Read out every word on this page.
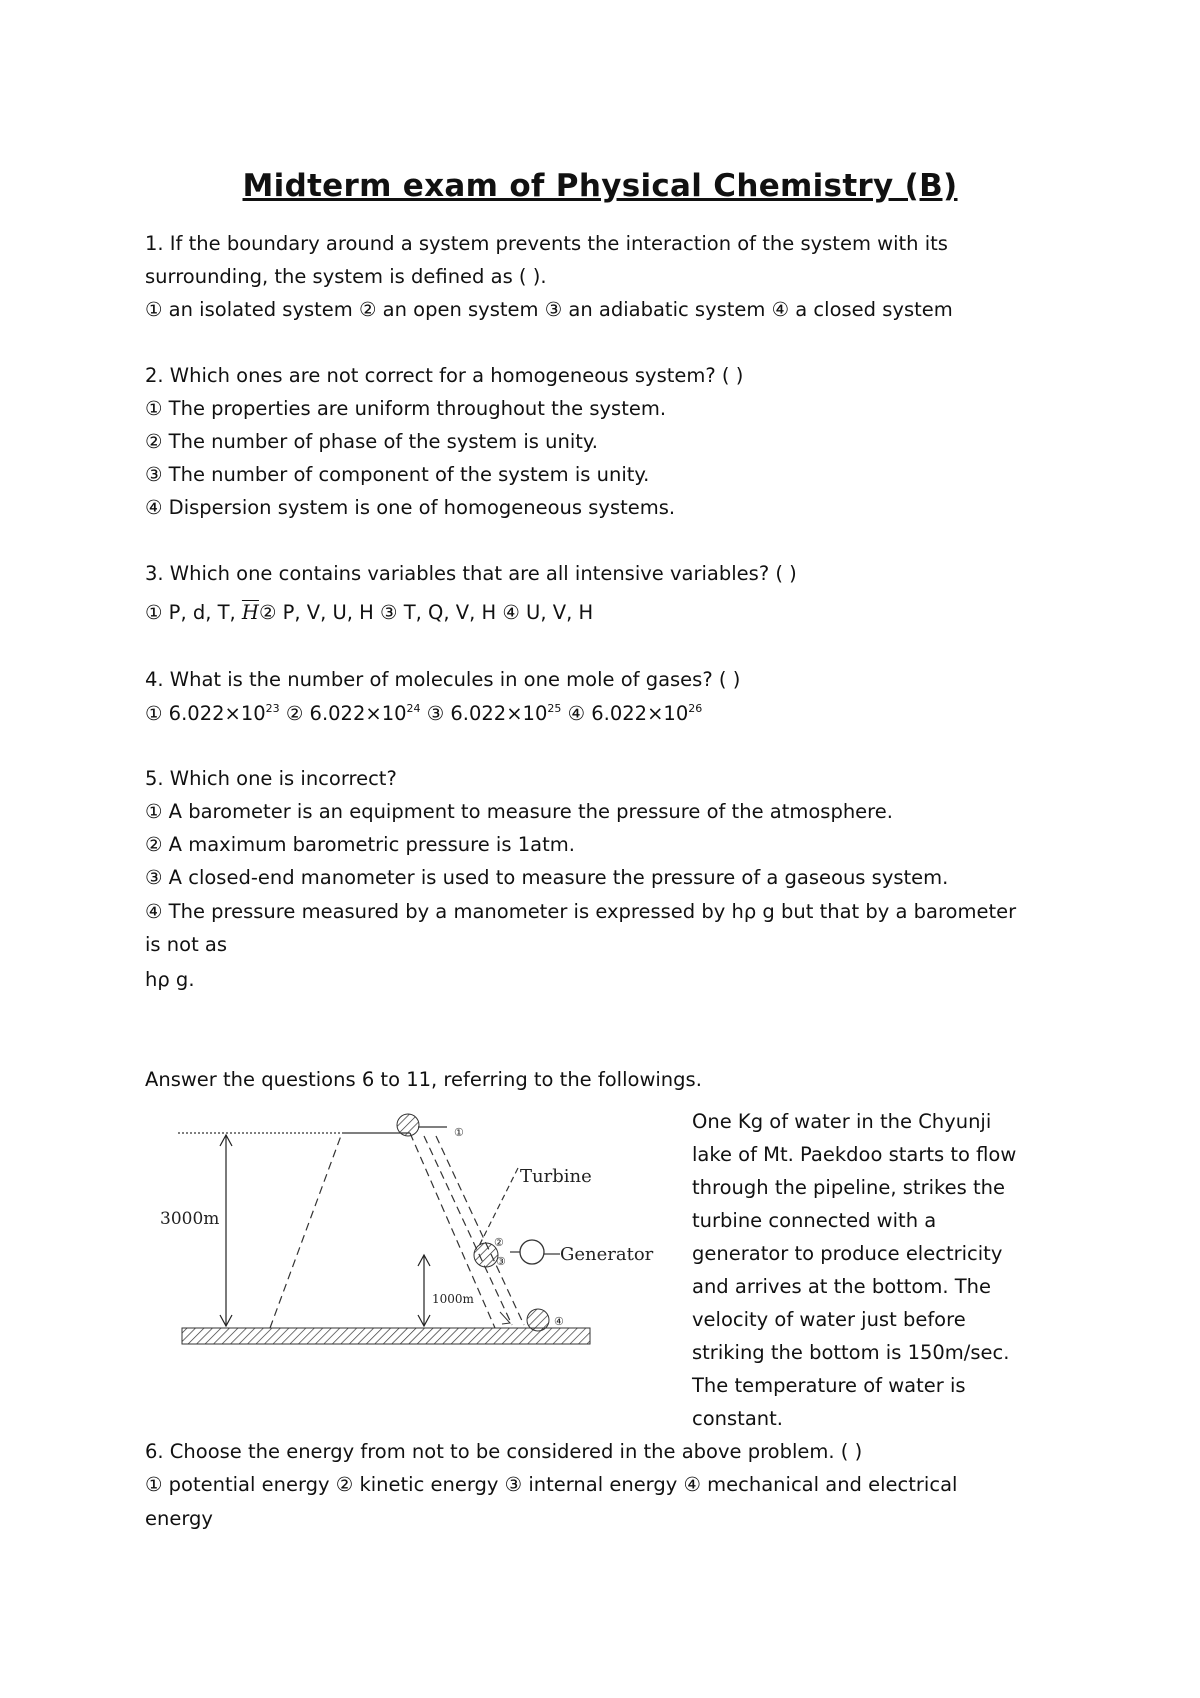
Midterm exam of Physical Chemistry (B)
1. If the boundary around a system prevents the interaction of the system with its
surrounding, the system is defined as ( ).
① an isolated system ② an open system ③ an adiabatic system ④ a closed system
2. Which ones are not correct for a homogeneous system? ( )
① The properties are uniform throughout the system.
② The number of phase of the system is unity.
③ The number of component of the system is unity.
④ Dispersion system is one of homogeneous systems.
3. Which one contains variables that are all intensive variables? ( )
① P, d, T, $\overline{H}②$ P, V, U, H ③ T, Q, V, H ④ U, V, H
4. What is the number of molecules in one mole of gases? ( )
① $6.022\times 10^{23}$ ② $6.022\times 10^{24}$ ③ $6.022\times 10^{25}$ ④ $6.022\times 10^{26}$
5. Which one is incorrect?
① A barometer is an equipment to measure the pressure of the atmosphere.
② A maximum barometric pressure is 1atm.
③ A closed-end manometer is used to measure the pressure of a gaseous system.
④ The pressure measured by a manometer is expressed by hρ g but that by a barometer
is not as
hρ g.
Answer the questions 6 to 11, referring to the followings.
3000m
①
Turbine
②
③	Generator
1000m
④
One Kg of water in the Chyunji
lake of Mt. Paekdoo starts to flow
through the pipeline, strikes the
turbine connected with a
generator to produce electricity
and arrives at the bottom. The
velocity of water just before
striking the bottom is 150m/sec.
The temperature of water is
constant.
6. Choose the energy from not to be considered in the above problem. ( )
① potential energy ② kinetic energy ③ internal energy ④ mechanical and electrical
energy
